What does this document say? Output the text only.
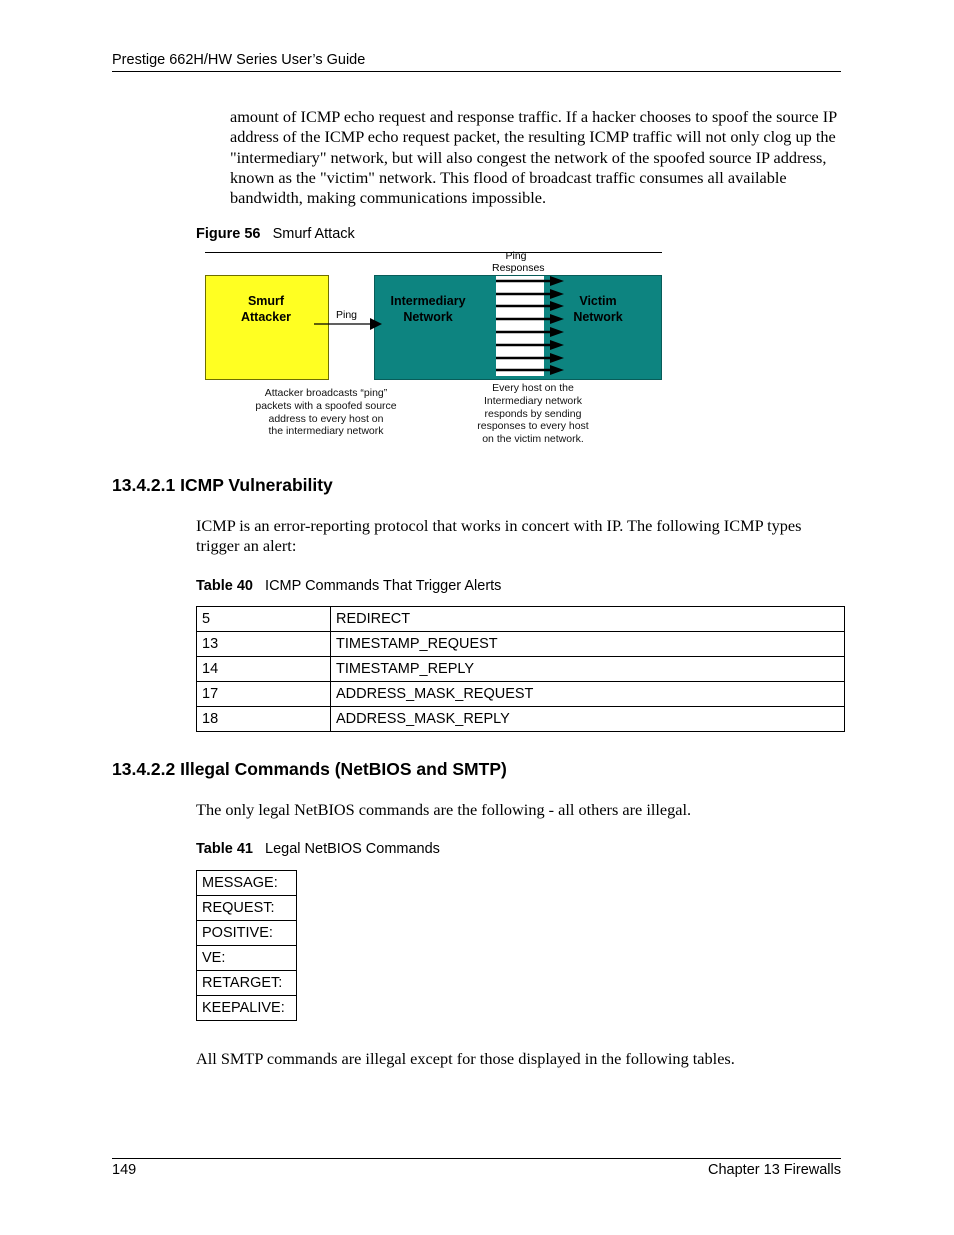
Prestige 662H/HW Series User’s Guide
amount of ICMP echo request and response traffic. If a hacker chooses to spoof the source IP address of the ICMP echo request packet, the resulting ICMP traffic will not only clog up the "intermediary" network, but will also congest the network of the spoofed source IP address, known as the "victim" network. This flood of broadcast traffic consumes all available bandwidth, making communications impossible.
Figure 56 Smurf Attack
Smurf
Attacker
Intermediary
Network
Victim
Network
Ping
Responses
Ping
Attacker broadcasts “ping”
packets with a spoofed source
address to every host on
the intermediary network
Every host on the
Intermediary network
responds by sending
responses to every host
on the victim network.
13.4.2.1 ICMP Vulnerability
ICMP is an error-reporting protocol that works in concert with IP. The following ICMP types trigger an alert:
Table 40 ICMP Commands That Trigger Alerts
5	REDIRECT
13	TIMESTAMP_REQUEST
14	TIMESTAMP_REPLY
17	ADDRESS_MASK_REQUEST
18	ADDRESS_MASK_REPLY
13.4.2.2 Illegal Commands (NetBIOS and SMTP)
The only legal NetBIOS commands are the following - all others are illegal.
Table 41 Legal NetBIOS Commands
MESSAGE:
REQUEST:
POSITIVE:
VE:
RETARGET:
KEEPALIVE:
All SMTP commands are illegal except for those displayed in the following tables.
149	Chapter 13 Firewalls
